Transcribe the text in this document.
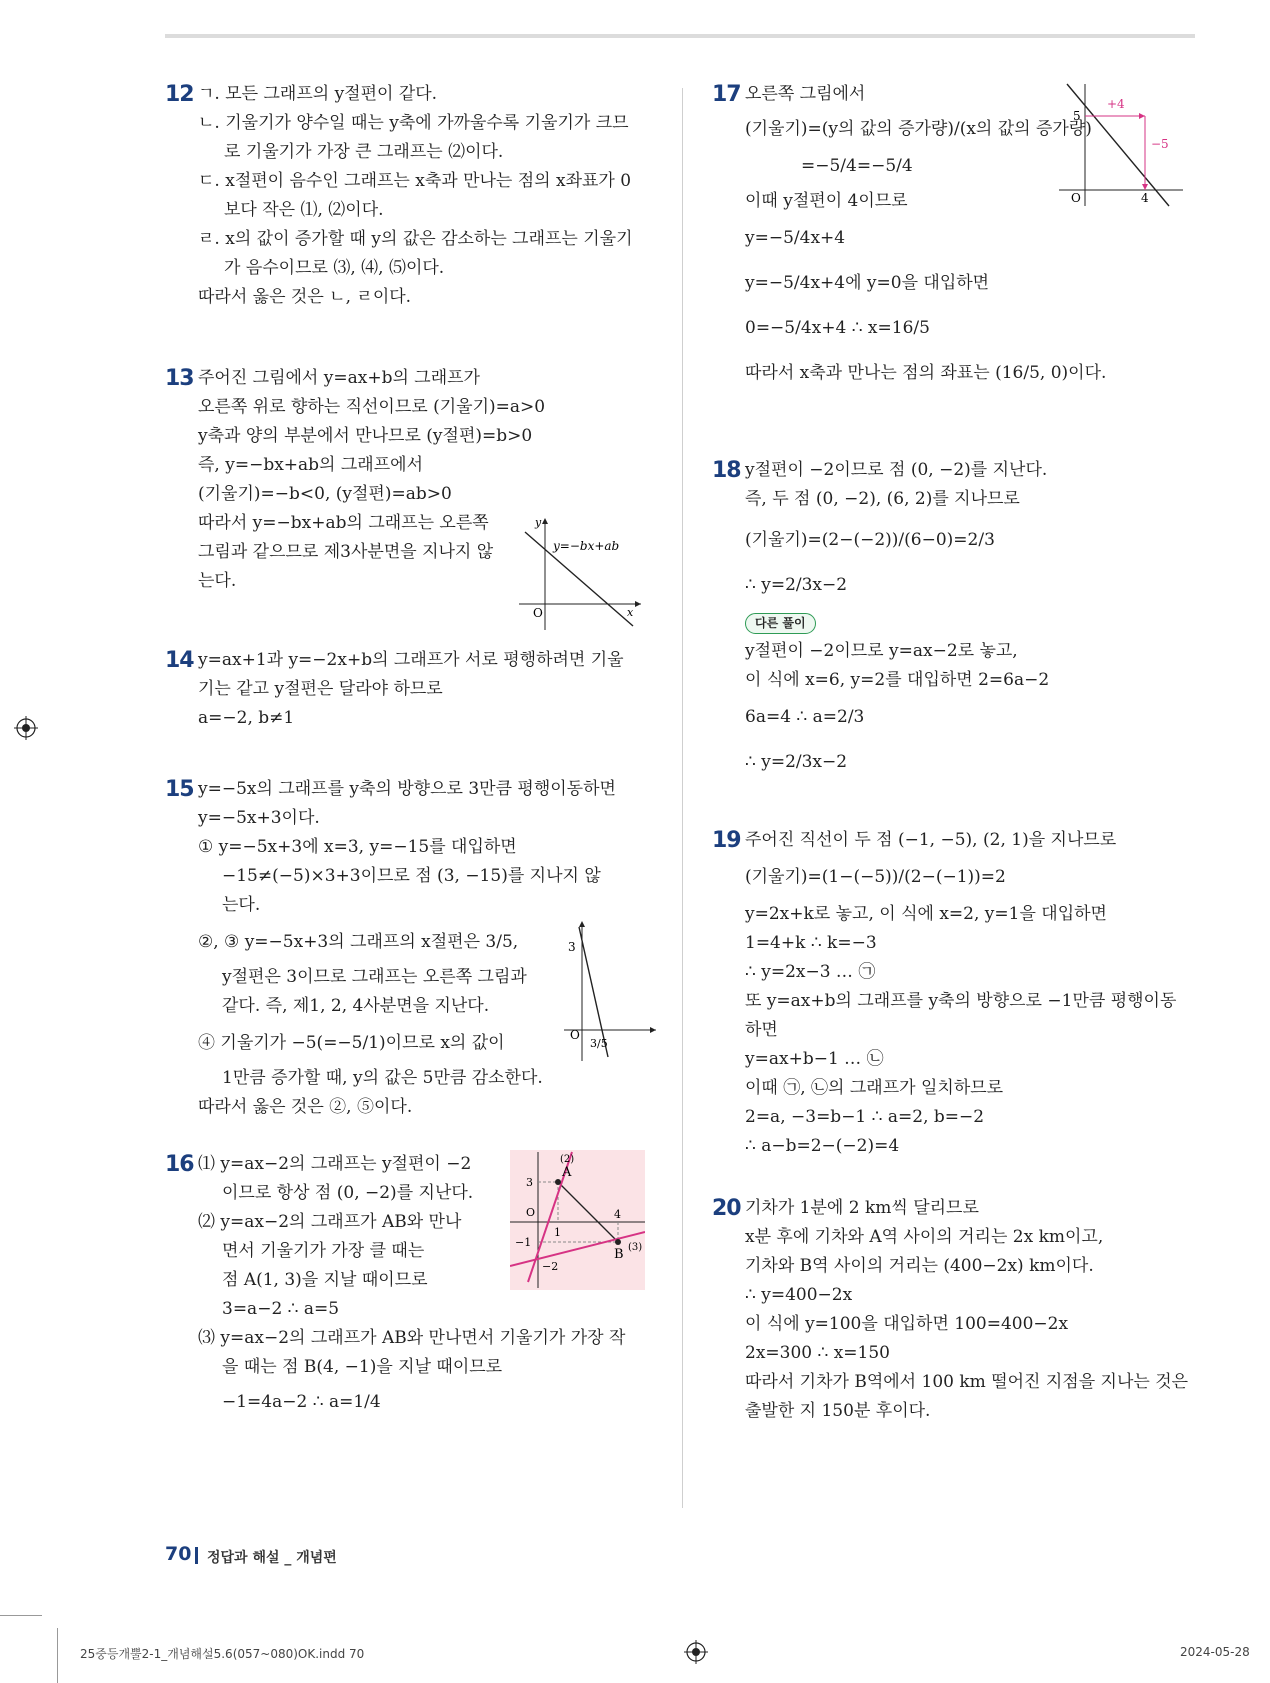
12 ㄱ. 모든 그래프의 y절편이 같다.
ㄴ. 기울기가 양수일 때는 y축에 가까울수록 기울기가 크므
로 기울기가 가장 큰 그래프는 ⑵이다.
ㄷ. x절편이 음수인 그래프는 x축과 만나는 점의 x좌표가 0
보다 작은 ⑴, ⑵이다.
ㄹ. x의 값이 증가할 때 y의 값은 감소하는 그래프는 기울기
가 음수이므로 ⑶, ⑷, ⑸이다.
따라서 옳은 것은 ㄴ, ㄹ이다.
13 주어진 그림에서 y=ax+b의 그래프가
오른쪽 위로 향하는 직선이므로 (기울기)=a>0
y축과 양의 부분에서 만나므로 (y절편)=b>0
즉, y=−bx+ab의 그래프에서
(기울기)=−b<0, (y절편)=ab>0
따라서 y=−bx+ab의 그래프는 오른쪽
그림과 같으므로 제3사분면을 지나지 않
는다.
y
x
O
y=−bx+ab
14 y=ax+1과 y=−2x+b의 그래프가 서로 평행하려면 기울
기는 같고 y절편은 달라야 하므로
a=−2, b≠1
15 y=−5x의 그래프를 y축의 방향으로 3만큼 평행이동하면
y=−5x+3이다.
① y=−5x+3에 x=3, y=−15를 대입하면
−15≠(−5)×3+3이므로 점 (3, −15)를 지나지 않
는다.
②, ③ y=−5x+3의 그래프의 x절편은 3/5,
y절편은 3이므로 그래프는 오른쪽 그림과
같다. 즉, 제1, 2, 4사분면을 지난다.
④ 기울기가 −5(=−5/1)이므로 x의 값이
1만큼 증가할 때, y의 값은 5만큼 감소한다.
따라서 옳은 것은 ②, ⑤이다.
3
3/5
O
16 ⑴ y=ax−2의 그래프는 y절편이 −2
이므로 항상 점 (0, −2)를 지난다.
⑵ y=ax−2의 그래프가 AB와 만나
면서 기울기가 가장 클 때는
점 A(1, 3)을 지날 때이므로
3=a−2 ∴ a=5
⑶ y=ax−2의 그래프가 AB와 만나면서 기울기가 가장 작
을 때는 점 B(4, −1)을 지날 때이므로
−1=4a−2 ∴ a=1/4
A
B
(2)
(3)
3
−1
−2
1
4
O
17 오른쪽 그림에서
(기울기)=(y의 값의 증가량)/(x의 값의 증가량)
=−5/4=−5/4
이때 y절편이 4이므로
y=−5/4x+4
y=−5/4x+4에 y=0을 대입하면
0=−5/4x+4 ∴ x=16/5
따라서 x축과 만나는 점의 좌표는 (16/5, 0)이다.
+4
−5
5
4
O
18 y절편이 −2이므로 점 (0, −2)를 지난다.
즉, 두 점 (0, −2), (6, 2)를 지나므로
(기울기)=(2−(−2))/(6−0)=2/3
∴ y=2/3x−2
다른 풀이
y절편이 −2이므로 y=ax−2로 놓고,
이 식에 x=6, y=2를 대입하면 2=6a−2
6a=4 ∴ a=2/3
∴ y=2/3x−2
19 주어진 직선이 두 점 (−1, −5), (2, 1)을 지나므로
(기울기)=(1−(−5))/(2−(−1))=2
y=2x+k로 놓고, 이 식에 x=2, y=1을 대입하면
1=4+k ∴ k=−3
∴ y=2x−3 … ㉠
또 y=ax+b의 그래프를 y축의 방향으로 −1만큼 평행이동
하면
y=ax+b−1 … ㉡
이때 ㉠, ㉡의 그래프가 일치하므로
2=a, −3=b−1 ∴ a=2, b=−2
∴ a−b=2−(−2)=4
20 기차가 1분에 2 km씩 달리므로
x분 후에 기차와 A역 사이의 거리는 2x km이고,
기차와 B역 사이의 거리는 (400−2x) km이다.
∴ y=400−2x
이 식에 y=100을 대입하면 100=400−2x
2x=300 ∴ x=150
따라서 기차가 B역에서 100 km 떨어진 지점을 지나는 것은
출발한 지 150분 후이다.
70 정답과 해설 _ 개념편
25중등개뿔2-1_개념해설5.6(057~080)OK.indd 70	2024-05-28
